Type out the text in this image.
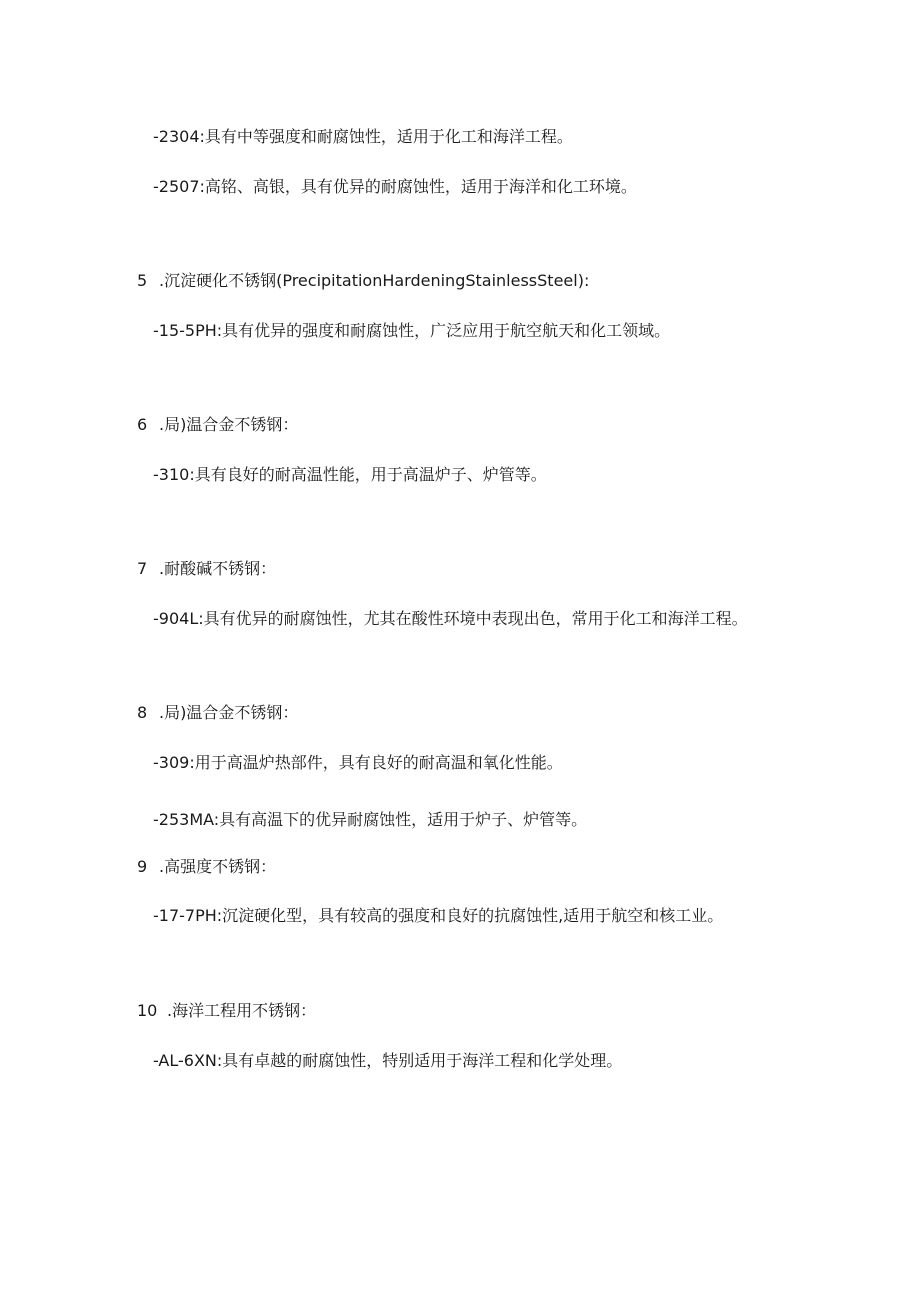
-2304:具有中等强度和耐腐蚀性，适用于化工和海洋工程。
-2507:高铭、高银，具有优异的耐腐蚀性，适用于海洋和化工环境。
5 .沉淀硬化不锈钢(PrecipitationHardeningStainlessSteel):
-15-5PH:具有优异的强度和耐腐蚀性，广泛应用于航空航天和化工领域。
6 .局)温合金不锈钢：
-310:具有良好的耐高温性能，用于高温炉子、炉管等。
7 .耐酸碱不锈钢：
-904L:具有优异的耐腐蚀性，尤其在酸性环境中表现出色，常用于化工和海洋工程。
8 .局)温合金不锈钢：
-309:用于高温炉热部件，具有良好的耐高温和氧化性能。
-253MA:具有高温下的优异耐腐蚀性，适用于炉子、炉管等。
9 .高强度不锈钢：
-17-7PH:沉淀硬化型，具有较高的强度和良好的抗腐蚀性,适用于航空和核工业。
10 .海洋工程用不锈钢：
-AL-6XN:具有卓越的耐腐蚀性，特别适用于海洋工程和化学处理。
